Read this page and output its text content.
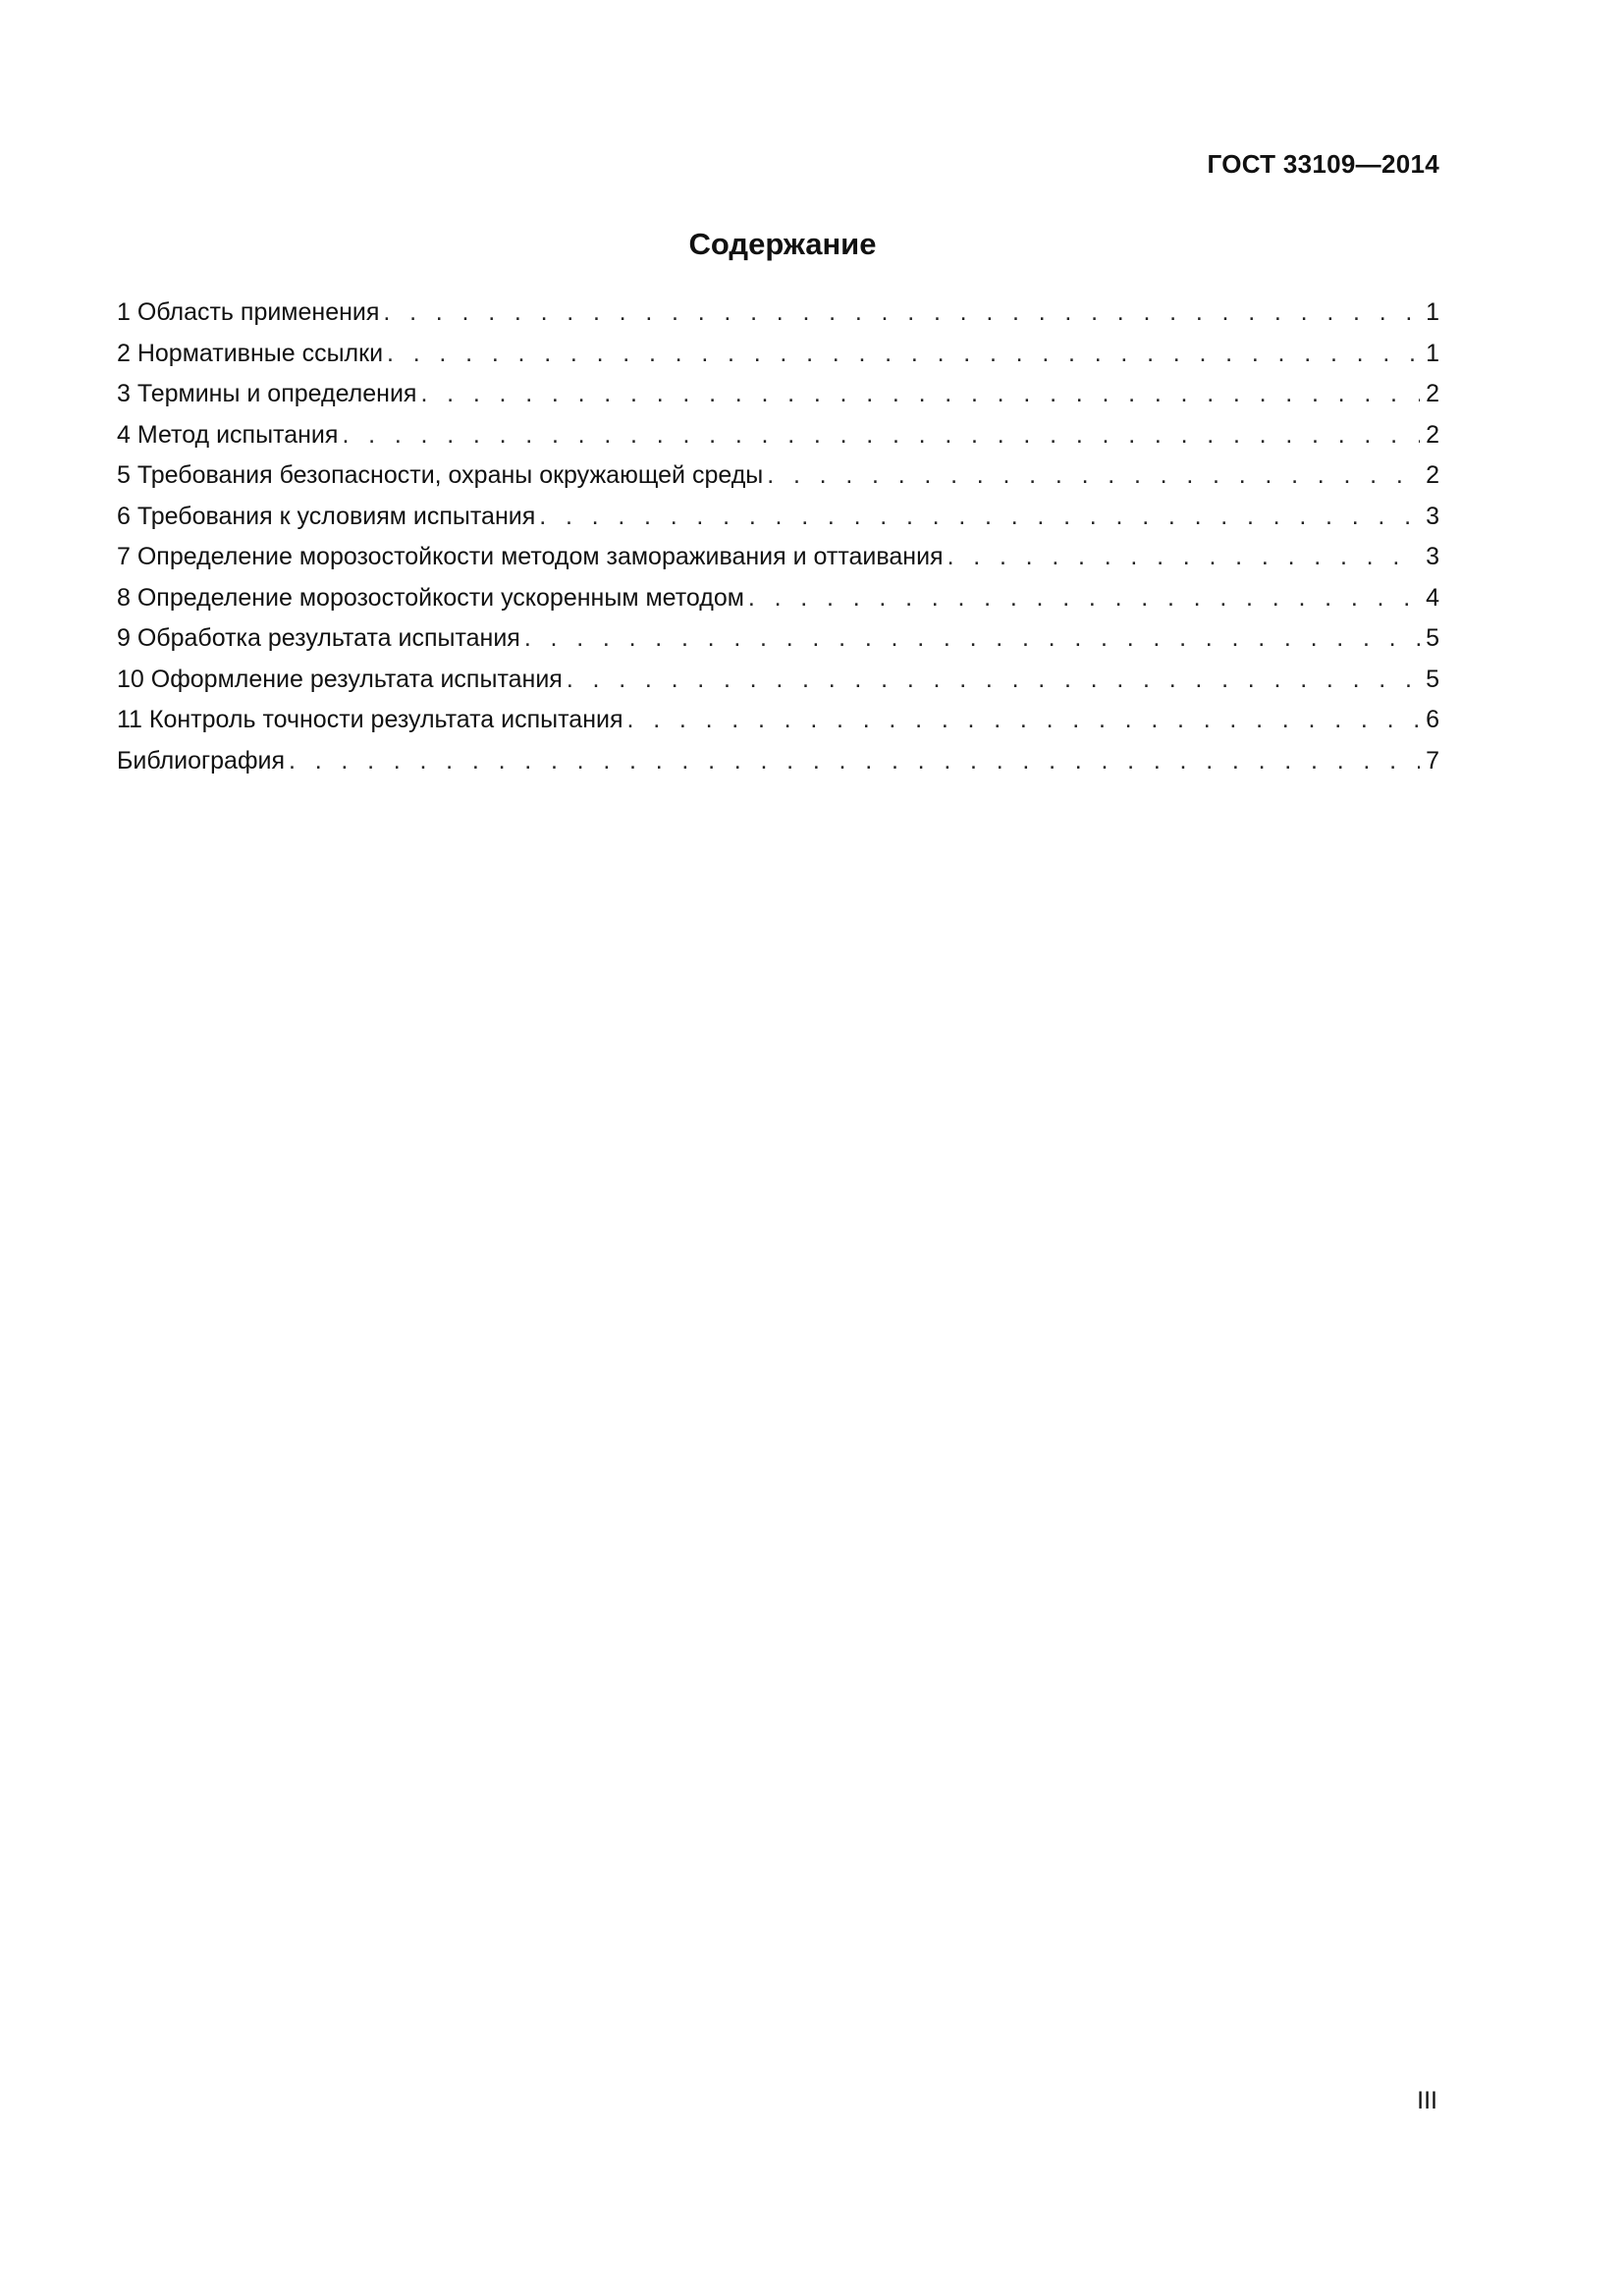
ГОСТ 33109—2014
Содержание
1 Область применения . . .	1
2 Нормативные ссылки . . .	1
3 Термины и определения . . .	2
4 Метод испытания . . .	2
5 Требования безопасности, охраны окружающей среды . . .	2
6 Требования к условиям испытания . . .	3
7 Определение морозостойкости методом замораживания и оттаивания . . .	3
8 Определение морозостойкости ускоренным методом . . .	4
9 Обработка результата испытания . . .	5
10 Оформление результата испытания . . .	5
11 Контроль точности результата испытания . . .	6
Библиография . . .	7
III
